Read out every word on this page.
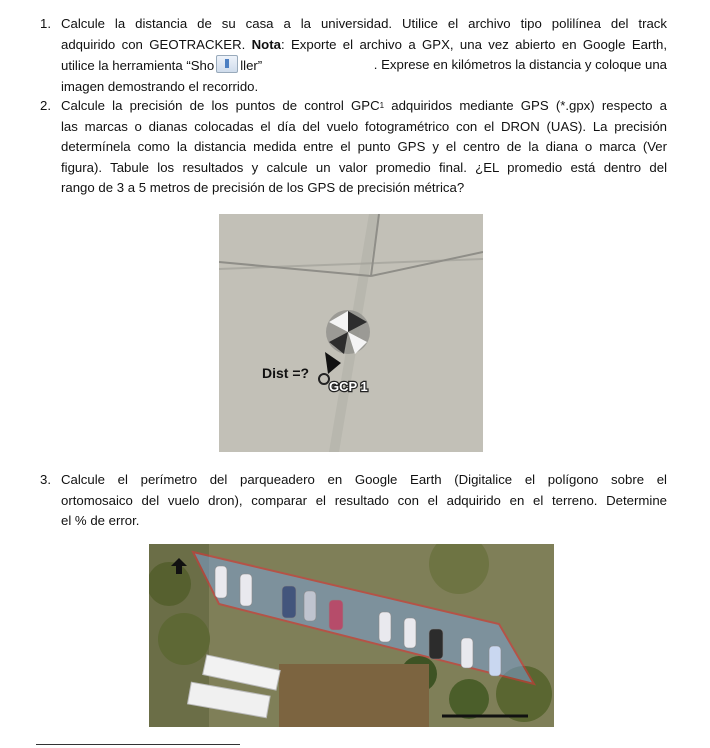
1. Calcule la distancia de su casa a la universidad. Utilice el archivo tipo polilínea del track
adquirido con GEOTRACKER. Nota: Exporte el archivo a GPX, una vez abierto en Google Earth,
utilice la herramienta “Sho ller”	. Exprese en kilómetros la distancia y coloque una
imagen demostrando el recorrido.
2. Calcule la precisión de los puntos de control GPC$^1$ adquiridos mediante GPS (*.gpx) respecto a
las marcas o dianas colocadas el día del vuelo fotogramétrico con el DRON (UAS). La precisión
determínela como la distancia medida entre el punto GPS y el centro de la diana o marca (Ver
figura). Tabule los resultados y calcule un valor promedio final. ¿EL promedio está dentro del
rango de 3 a 5 metros de precisión de los GPS de precisión métrica?
Dist =?
GCP 1
3. Calcule el perímetro del parqueadero en Google Earth (Digitalice el polígono sobre el
ortomosaico del vuelo dron), comparar el resultado con el adquirido en el terreno. Determine
el % de error.
